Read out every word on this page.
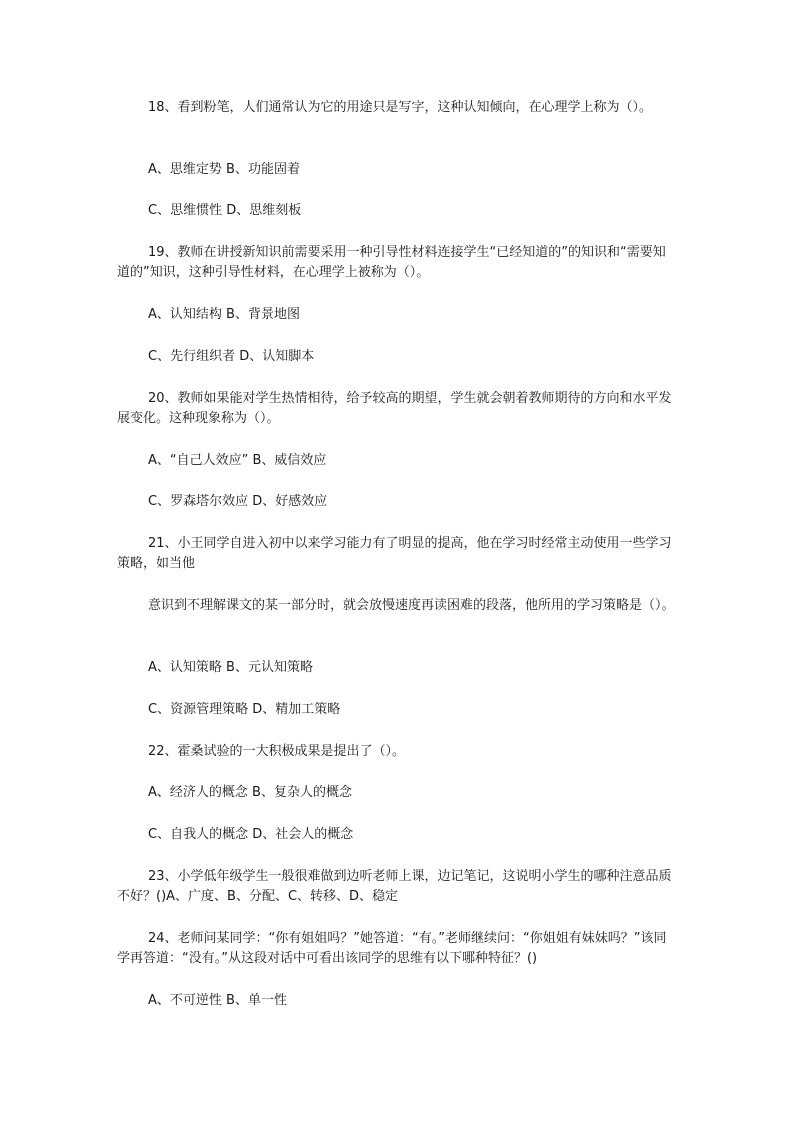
18、看到粉笔，人们通常认为它的用途只是写字，这种认知倾向，在心理学上称为（）。
A、思维定势 B、功能固着
C、思维惯性 D、思维刻板
19、教师在讲授新知识前需要采用一种引导性材料连接学生“已经知道的”的知识和“需要知道的”知识，这种引导性材料，在心理学上被称为（）。
A、认知结构 B、背景地图
C、先行组织者 D、认知脚本
20、教师如果能对学生热情相待，给予较高的期望，学生就会朝着教师期待的方向和水平发展变化。这种现象称为（）。
A、“自己人效应” B、威信效应
C、罗森塔尔效应 D、好感效应
21、小王同学自进入初中以来学习能力有了明显的提高，他在学习时经常主动使用一些学习策略，如当他
意识到不理解课文的某一部分时，就会放慢速度再读困难的段落，他所用的学习策略是（）。
A、认知策略 B、元认知策略
C、资源管理策略 D、精加工策略
22、霍桑试验的一大积极成果是提出了（）。
A、经济人的概念 B、复杂人的概念
C、自我人的概念 D、社会人的概念
23、小学低年级学生一般很难做到边听老师上课，边记笔记，这说明小学生的哪种注意品质不好？()A、广度、B、分配、C、转移、D、稳定
24、老师问某同学：“你有姐姐吗？”她答道：“有。”老师继续问：“你姐姐有妹妹吗？”该同学再答道：“没有。”从这段对话中可看出该同学的思维有以下哪种特征？()
A、不可逆性 B、单一性
